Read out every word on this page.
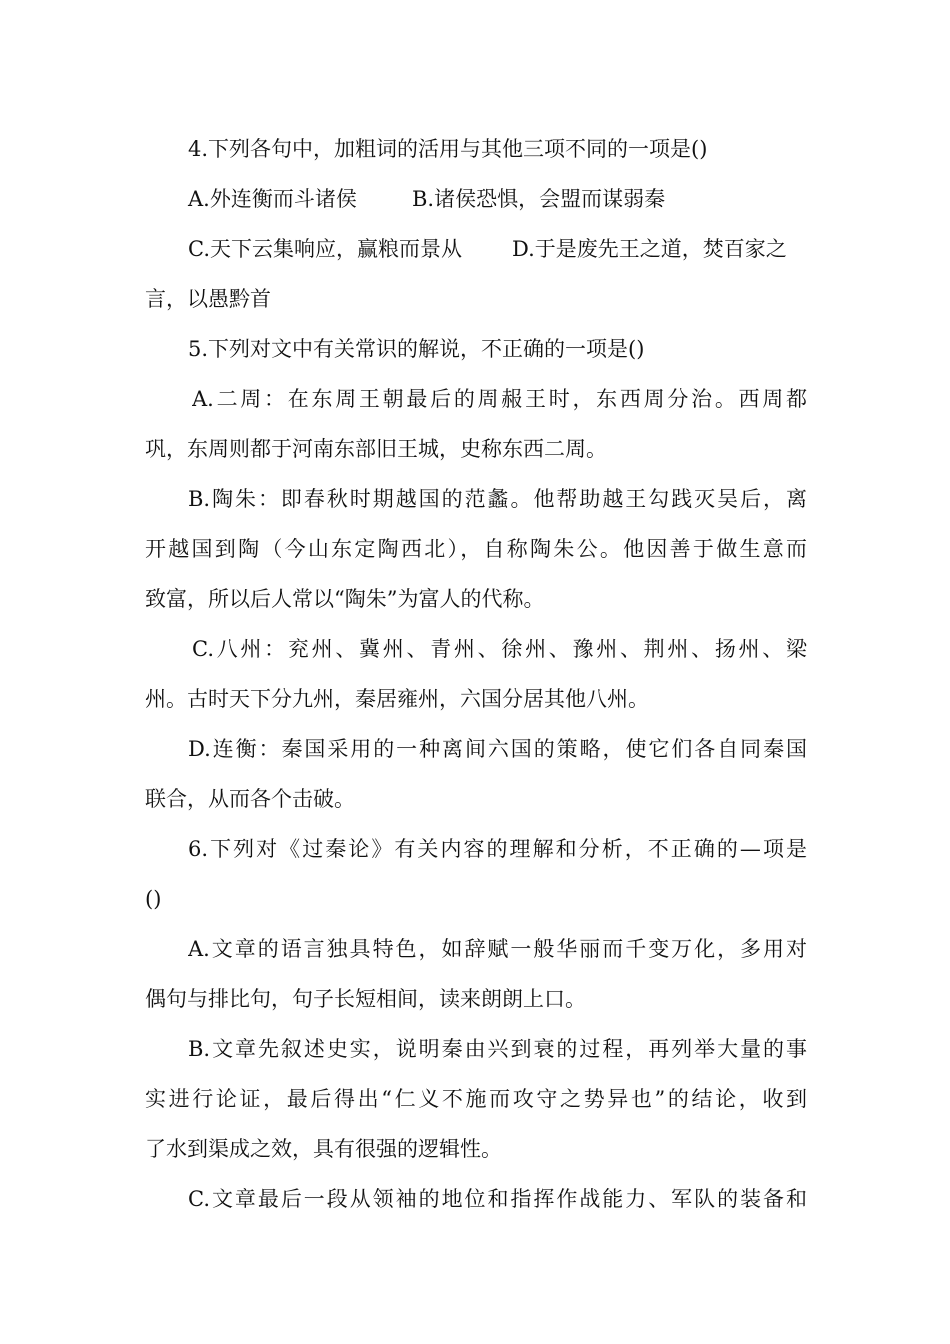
4.下列各句中，加粗词的活用与其他三项不同的一项是()
A.外连衡而斗诸侯	B.诸侯恐惧，会盟而谋弱秦
C.天下云集响应，赢粮而景从 D.于是废先王之道，焚百家之
言，以愚黔首
5.下列对文中有关常识的解说，不正确的一项是()
A.二周：在东周王朝最后的周赧王时，东西周分治。西周都
巩，东周则都于河南东部旧王城，史称东西二周。
B.陶朱：即春秋时期越国的范蠡。他帮助越王勾践灭吴后，离
开越国到陶（今山东定陶西北），自称陶朱公。他因善于做生意而
致富，所以后人常以“陶朱”为富人的代称。
C.八州：兖州、冀州、青州、徐州、豫州、荆州、扬州、梁
州。古时天下分九州，秦居雍州，六国分居其他八州。
D.连衡：秦国采用的一种离间六国的策略，使它们各自同秦国
联合，从而各个击破。
6.下列对《过秦论》有关内容的理解和分析，不正确的—项是
()
A.文章的语言独具特色，如辞赋一般华丽而千变万化，多用对
偶句与排比句，句子长短相间，读来朗朗上口。
B.文章先叙述史实，说明秦由兴到衰的过程，再列举大量的事
实进行论证，最后得出“仁义不施而攻守之势异也”的结论，收到
了水到渠成之效，具有很强的逻辑性。
C.文章最后一段从领袖的地位和指挥作战能力、军队的装备和
